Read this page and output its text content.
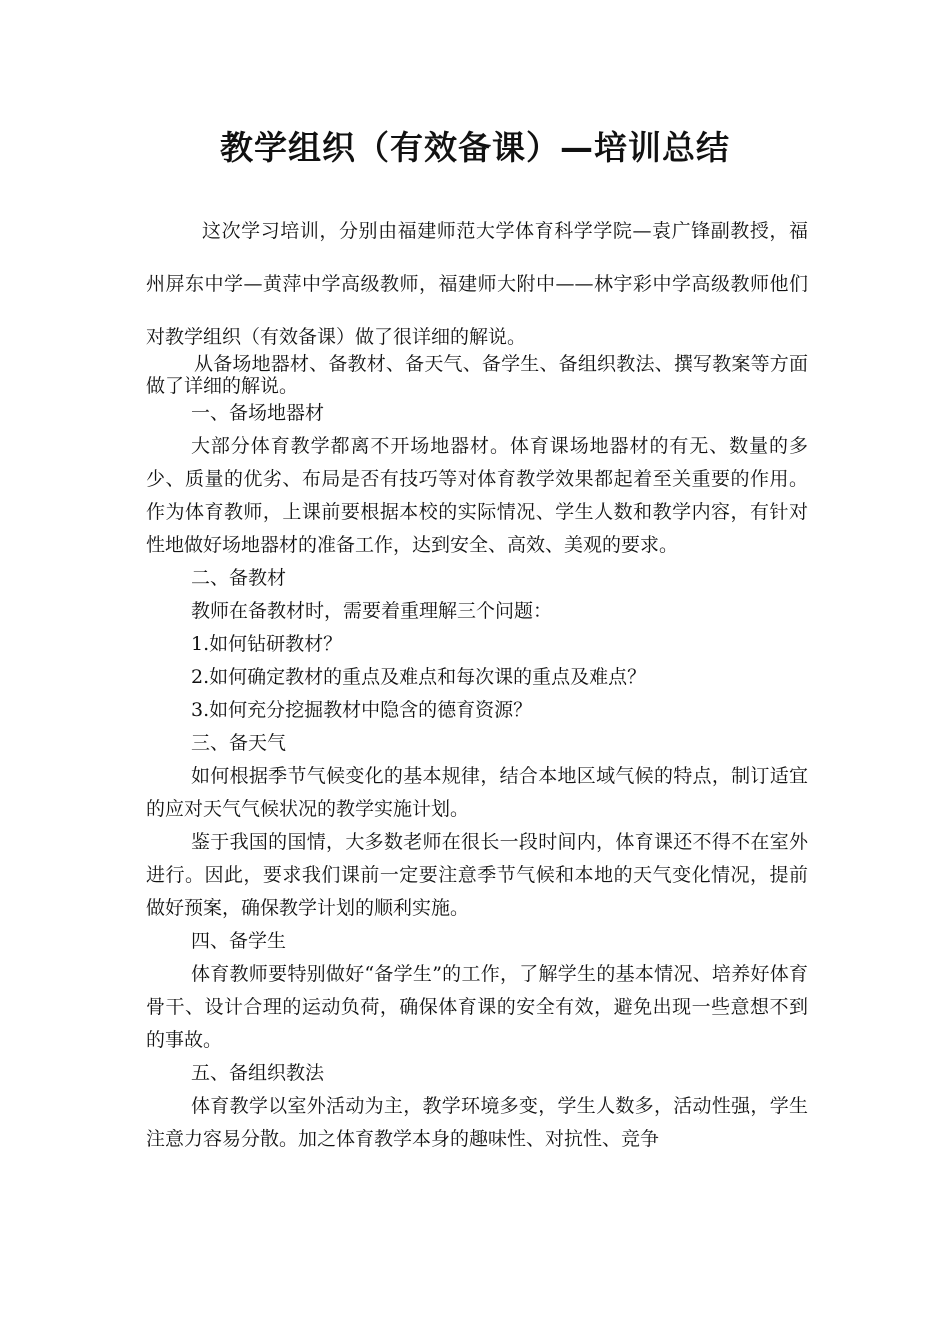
教学组织（有效备课）—培训总结

这次学习培训，分别由福建师范大学体育科学学院—袁广锋副教授，福州屏东中学—黄萍中学高级教师，福建师大附中——林宇彩中学高级教师他们对教学组织（有效备课）做了很详细的解说。

从备场地器材、备教材、备天气、备学生、备组织教法、撰写教案等方面做了详细的解说。

一、备场地器材

大部分体育教学都离不开场地器材。体育课场地器材的有无、数量的多少、质量的优劣、布局是否有技巧等对体育教学效果都起着至关重要的作用。作为体育教师，上课前要根据本校的实际情况、学生人数和教学内容，有针对性地做好场地器材的准备工作，达到安全、高效、美观的要求。

二、备教材

教师在备教材时，需要着重理解三个问题：

1.如何钻研教材？

2.如何确定教材的重点及难点和每次课的重点及难点？

3.如何充分挖掘教材中隐含的德育资源？

三、备天气

如何根据季节气候变化的基本规律，结合本地区域气候的特点，制订适宜的应对天气气候状况的教学实施计划。

鉴于我国的国情，大多数老师在很长一段时间内，体育课还不得不在室外进行。因此，要求我们课前一定要注意季节气候和本地的天气变化情况，提前做好预案，确保教学计划的顺利实施。

四、备学生

体育教师要特别做好“备学生”的工作，了解学生的基本情况、培养好体育骨干、设计合理的运动负荷，确保体育课的安全有效，避免出现一些意想不到的事故。

五、备组织教法

体育教学以室外活动为主，教学环境多变，学生人数多，活动性强，学生注意力容易分散。加之体育教学本身的趣味性、对抗性、竞争
